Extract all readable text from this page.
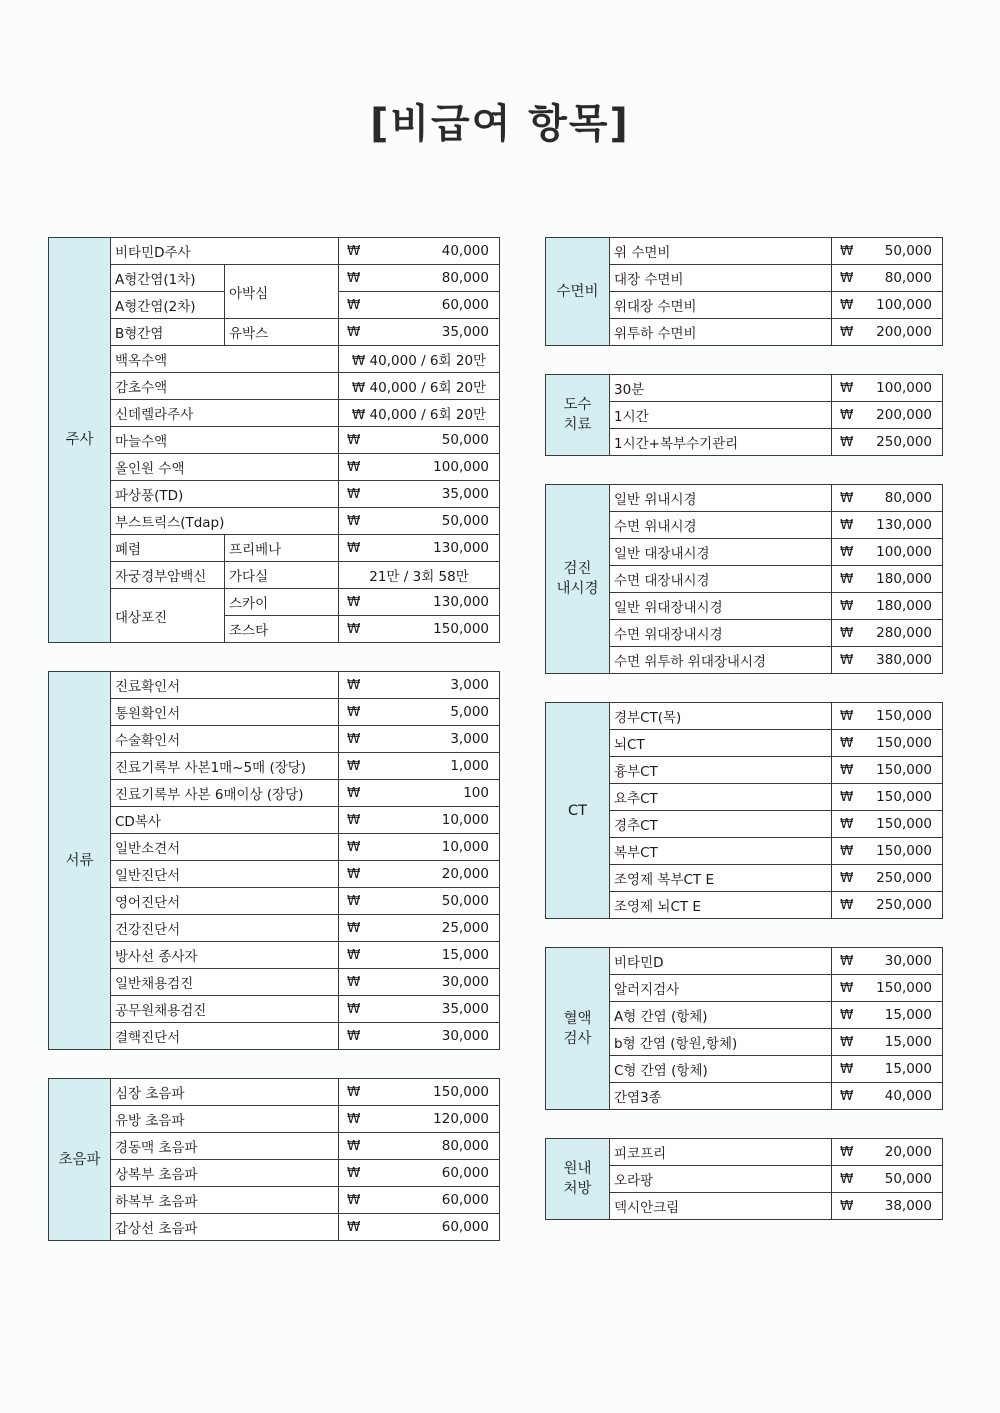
[비급여 항목]
주사	비타민D주사		₩	40,000
	A형간염(1차)	아박심	₩	80,000
	A형간염(2차)		₩	60,000
	B형간염	유박스	₩	35,000
	백옥수액		₩ 40,000 / 6회 20만	
	감초수액		₩ 40,000 / 6회 20만	
	신데렐라주사		₩ 40,000 / 6회 20만	
	마늘수액		₩	50,000
	올인원 수액		₩	100,000
	파상풍(TD)		₩	35,000
	부스트릭스(Tdap)		₩	50,000
	폐렴	프리베나	₩	130,000
	자궁경부암백신	가다실	21만 / 3회 58만	
	대상포진	스카이	₩	130,000
		조스타	₩	150,000
서류	진료확인서	₩	3,000
	통원확인서	₩	5,000
	수술확인서	₩	3,000
	진료기록부 사본1매~5매 (장당)	₩	1,000
	진료기록부 사본 6매이상 (장당)	₩	100
	CD복사	₩	10,000
	일반소견서	₩	10,000
	일반진단서	₩	20,000
	영어진단서	₩	50,000
	건강진단서	₩	25,000
	방사선 종사자	₩	15,000
	일반채용검진	₩	30,000
	공무원채용검진	₩	35,000
	결핵진단서	₩	30,000
초음파	심장 초음파	₩	150,000
	유방 초음파	₩	120,000
	경동맥 초음파	₩	80,000
	상복부 초음파	₩	60,000
	하복부 초음파	₩	60,000
	갑상선 초음파	₩	60,000
수면비	위 수면비	₩	50,000
	대장 수면비	₩	80,000
	위대장 수면비	₩	100,000
	위투하 수면비	₩	200,000
도수
치료	30분	₩	100,000
	1시간	₩	200,000
	1시간+복부수기관리	₩	250,000
검진
내시경	일반 위내시경	₩	80,000
	수면 위내시경	₩	130,000
	일반 대장내시경	₩	100,000
	수면 대장내시경	₩	180,000
	일반 위대장내시경	₩	180,000
	수면 위대장내시경	₩	280,000
	수면 위투하 위대장내시경	₩	380,000
CT	경부CT(목)	₩	150,000
	뇌CT	₩	150,000
	흉부CT	₩	150,000
	요추CT	₩	150,000
	경추CT	₩	150,000
	복부CT	₩	150,000
	조영제 복부CT E	₩	250,000
	조영제 뇌CT E	₩	250,000
혈액
검사	비타민D	₩	30,000
	알러지검사	₩	150,000
	A형 간염 (항체)	₩	15,000
	b형 간염 (항원,항체)	₩	15,000
	C형 간염 (항체)	₩	15,000
	간염3종	₩	40,000
원내
처방	피코프리	₩	20,000
	오라팡	₩	50,000
	덱시안크림	₩	38,000
